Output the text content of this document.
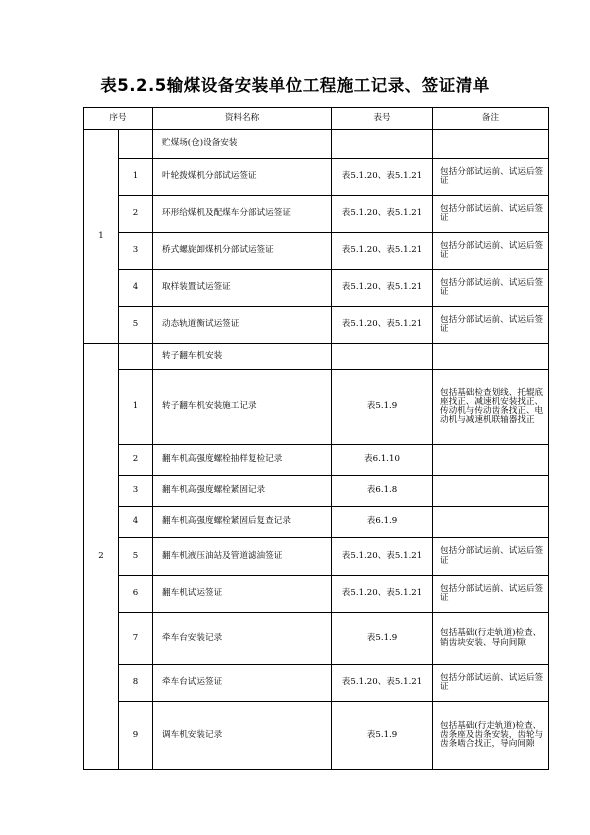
表5.2.5输煤设备安装单位工程施工记录、签证清单
序号		资料名称	表号	备注
1		贮煤场(仓)设备安装		
	1	叶轮拨煤机分部试运签证	表5.1.20、表5.1.21	包括分部试运前、试运后签证
	2	环形给煤机及配煤车分部试运签证	表5.1.20、表5.1.21	包括分部试运前、试运后签证
	3	桥式螺旋卸煤机分部试运签证	表5.1.20、表5.1.21	包括分部试运前、试运后签证
	4	取样装置试运签证	表5.1.20、表5.1.21	包括分部试运前、试运后签证
	5	动态轨道衡试运签证	表5.1.20、表5.1.21	包括分部试运前、试运后签证
2		转子翻车机安装		
	1	转子翻车机安装施工记录	表5.1.9	包括基础检查划线、托辊底座找正、减速机安装找正、传动机与传动齿条找正、电动机与减速机联轴器找正
	2	翻车机高强度螺栓抽样复检记录	表6.1.10	
	3	翻车机高强度螺栓紧固记录	表6.1.8	
	4	翻车机高强度螺栓紧固后复查记录	表6.1.9	
	5	翻车机液压油站及管道滤油签证	表5.1.20、表5.1.21	包括分部试运前、试运后签证
	6	翻车机试运签证	表5.1.20、表5.1.21	包括分部试运前、试运后签证
	7	牵车台安装记录	表5.1.9	包括基础(行走轨道)检查、销齿块安装、导向间隙
	8	牵车台试运签证	表5.1.20、表5.1.21	包括分部试运前、试运后签证
	9	调车机安装记录	表5.1.9	包括基础(行走轨道)检查、齿条座及齿条安装，齿轮与齿条啮合找正，导向间隙
